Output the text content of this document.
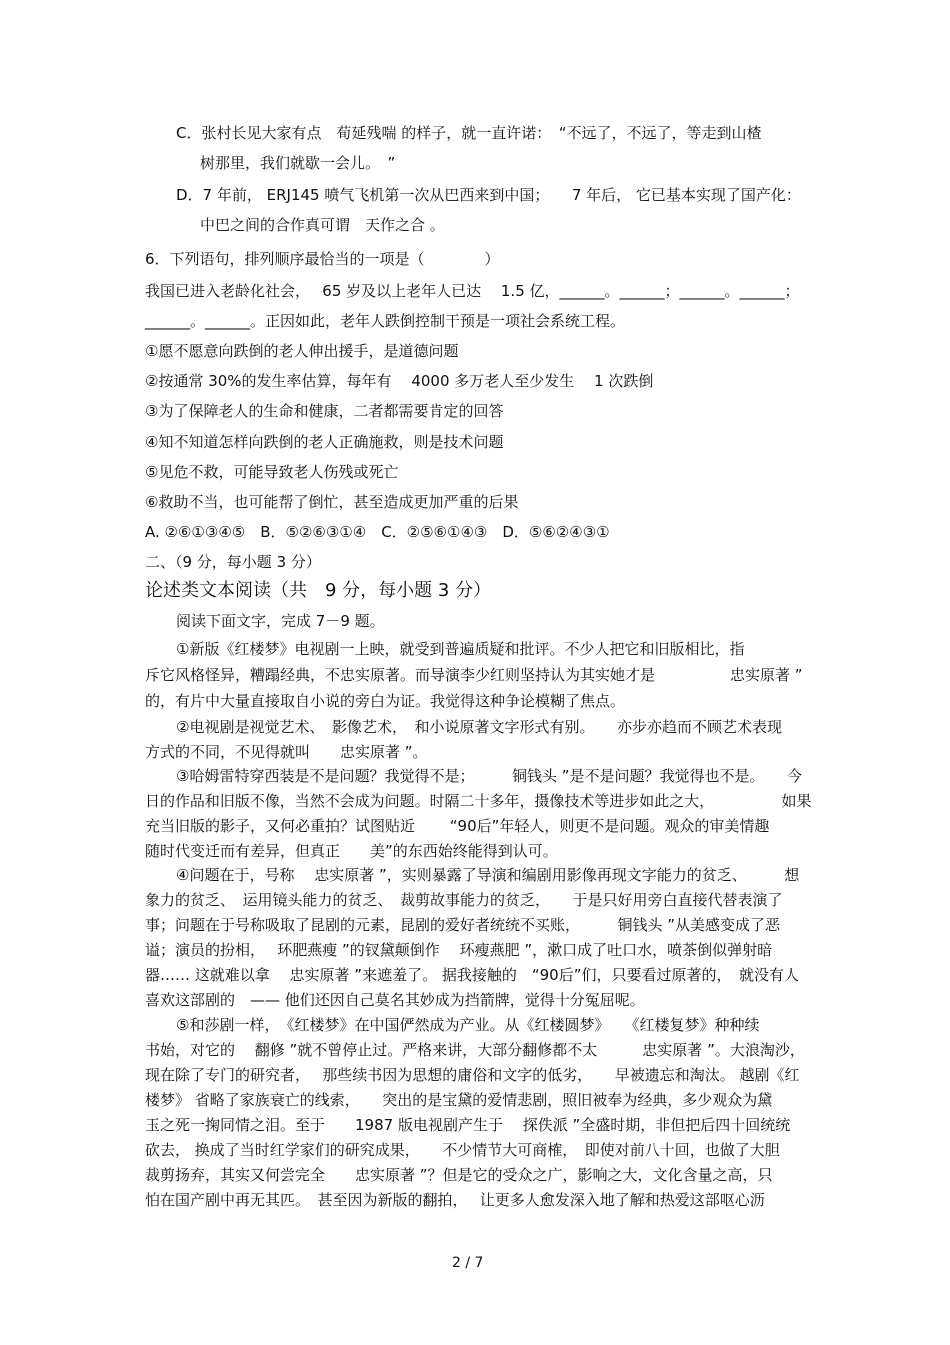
C．张村长见大家有点　荀延残喘 的样子，就一直许诺：　“不远了，不远了，等走到山楂
树那里，我们就歇一会儿。　”
D．7 年前， ERJ145 喷气飞机第一次从巴西来到中国；　　7 年后， 它已基本实现了国产化：
中巴之间的合作真可谓　天作之合 。
6．下列语句，排列顺序最恰当的一项是（　　　　）
我国已进入老龄化社会，　 65 岁及以上老年人已达　 1.5 亿，______。______；______。______；
______。______。正因如此，老年人跌倒控制干预是一项社会系统工程。
①愿不愿意向跌倒的老人伸出援手，是道德问题
②按通常 30%的发生率估算，每年有　 4000 多万老人至少发生　 1 次跌倒
③为了保障老人的生命和健康，二者都需要肯定的回答
④知不知道怎样向跌倒的老人正确施救，则是技术问题
⑤见危不救，可能导致老人伤残或死亡
⑥救助不当，也可能帮了倒忙，甚至造成更加严重的后果
A. ②⑥①③④⑤　B．⑤②⑥③①④　C．②⑤⑥①④③　D．⑤⑥②④③①
二、（9 分，每小题 3 分）
论述类文本阅读（共　9 分，每小题 3 分）
阅读下面文字，完成 7－9 题。
①新版《红楼梦》电视剧一上映，就受到普遍质疑和批评。不少人把它和旧版相比，指
斥它风格怪异，糟蹋经典，不忠实原著。而导演李少红则坚持认为其实她才是　　　　　忠实原著 ”
的，有片中大量直接取自小说的旁白为证。我觉得这种争论模糊了焦点。
②电视剧是视觉艺术、　影像艺术，　和小说原著文字形式有别。　　亦步亦趋而不顾艺术表现
方式的不同，不见得就叫　　忠实原著 ”。
③哈姆雷特穿西装是不是问题？我觉得不是；　　　铜钱头 ”是不是问题？我觉得也不是。　　今
日的作品和旧版不像，当然不会成为问题。时隔二十多年，摄像技术等进步如此之大，　　　　　如果
充当旧版的影子，又何必重拍？试图贴近　　 “90后”年轻人，则更不是问题。观众的审美情趣
随时代变迁而有差异，但真正　　美”的东西始终能得到认可。
④问题在于，号称　 忠实原著 ”，实则暴露了导演和编剧用影像再现文字能力的贫乏、　　　想
象力的贫乏、　运用镜头能力的贫乏、　裁剪故事能力的贫乏，　　于是只好用旁白直接代替表演了
事；问题在于号称吸取了昆剧的元素，昆剧的爱好者统统不买账，　　　铜钱头 ”从美感变成了恶
谥；演员的扮相，　 环肥燕瘦 ”的钗黛颠倒作　 环瘦燕肥 ”，漱口成了吐口水，喷茶倒似弹射暗
器…… 这就难以拿　 忠实原著 ”来遮羞了。 据我接触的　“90后”们，只要看过原著的，　就没有人
喜欢这部剧的　—— 他们还因自己莫名其妙成为挡箭牌，觉得十分冤屈呢。
⑤和莎剧一样，　《红楼梦》在中国俨然成为产业。从《红楼圆梦》　　《红楼复梦》种种续
书始，对它的　 翻修 ”就不曾停止过。严格来讲，大部分翻修都不太　　　忠实原著 ”。大浪淘沙，
现在除了专门的研究者，　 那些续书因为思想的庸俗和文字的低劣，　　早被遗忘和淘汰。 越剧《红
楼梦》 省略了家族衰亡的线索，　　突出的是宝黛的爱情悲剧，照旧被奉为经典，多少观众为黛
玉之死一掬同情之泪。至于　　1987 版电视剧产生于　 探佚派 ”全盛时期，非但把后四十回统统
砍去， 换成了当时红学家们的研究成果，　　不少情节大可商榷，　即使对前八十回，也做了大胆
裁剪扬弃，其实又何尝完全　　忠实原著 ”？但是它的受众之广，影响之大，文化含量之高，只
怕在国产剧中再无其匹。　甚至因为新版的翻拍，　 让更多人愈发深入地了解和热爱这部呕心沥
2 / 7
